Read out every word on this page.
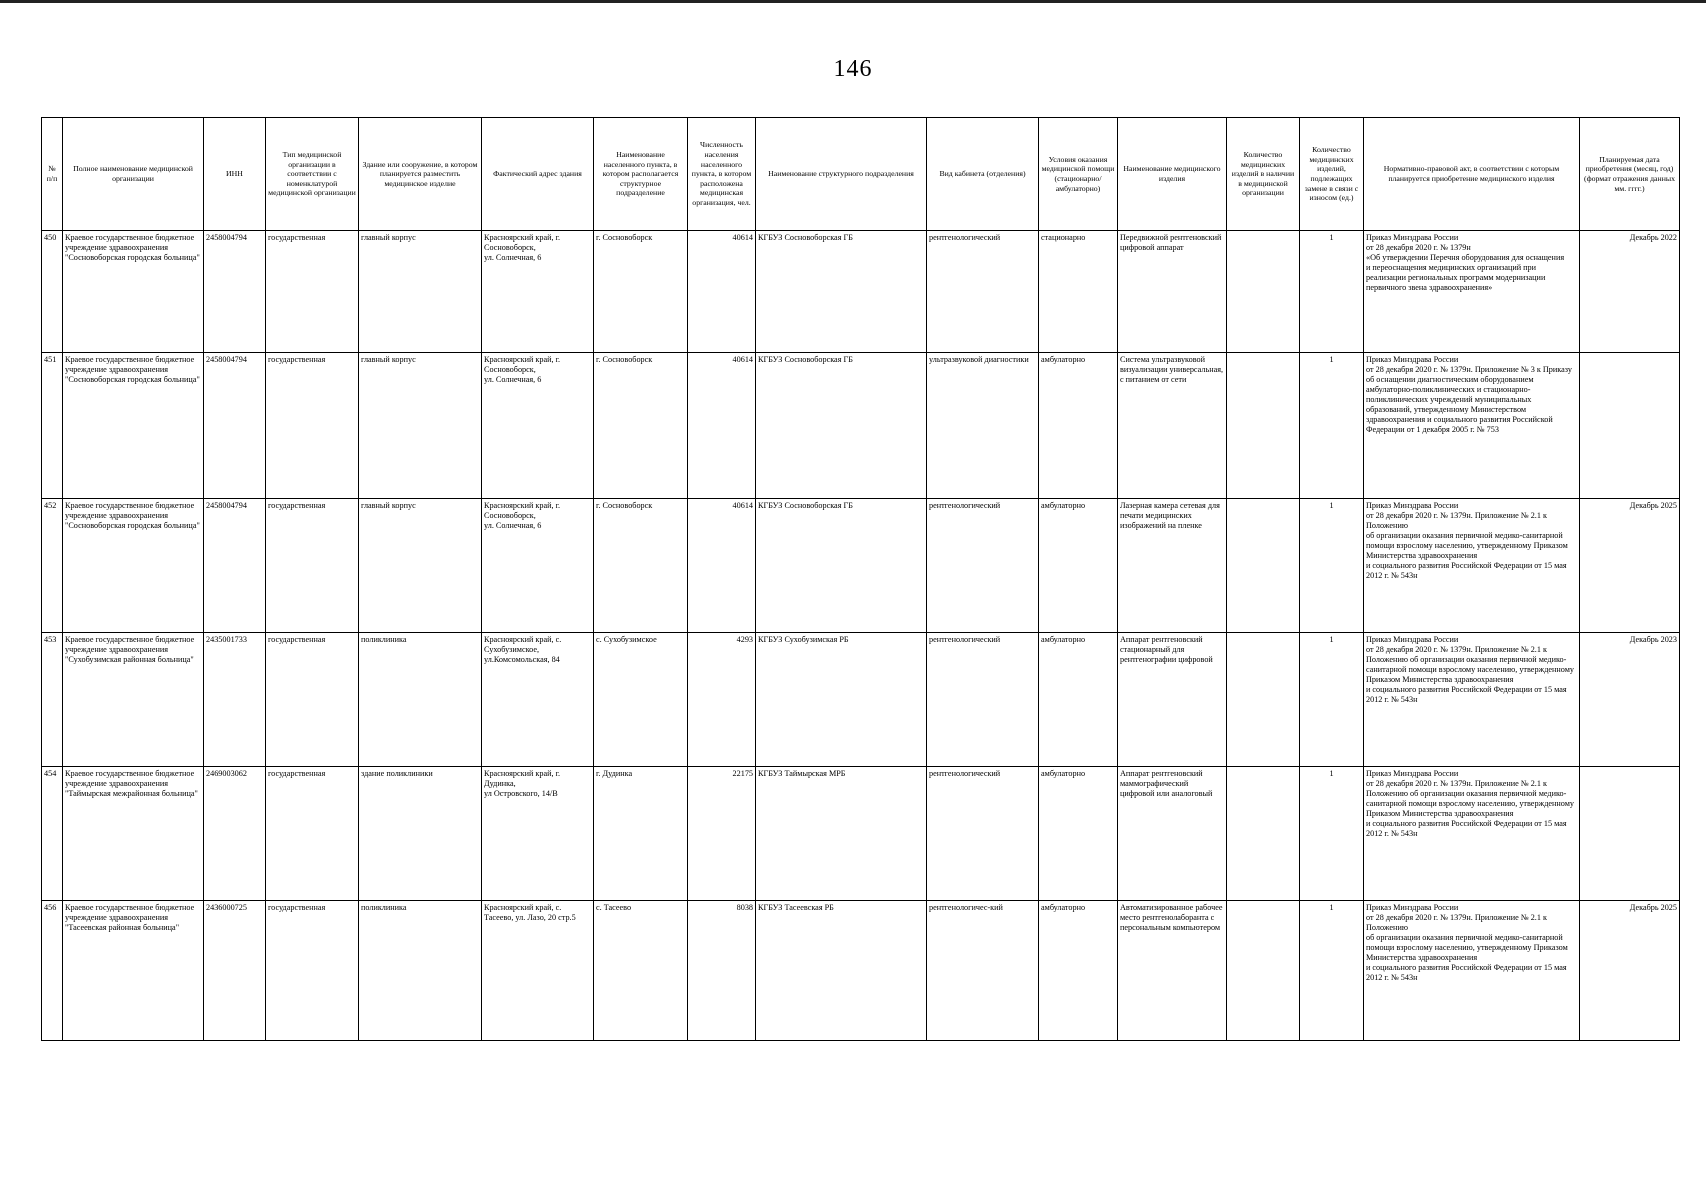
146
№
п/п	Полное наименование медицинской организации	ИНН	Тип медицинской организации в соответствии с номенклатурой медицинской организации	Здание или сооружение, в котором планируется разместить медицинское изделие	Фактический адрес здания	Наименование населенного пункта, в котором располагается структурное подразделение	Численность населения населенного пункта, в котором расположена медицинская организация, чел.	Наименование структурного подразделения	Вид кабинета (отделения)	Условия оказания медицинской помощи (стационарно/ амбулаторно)	Наименование медицинского изделия	Количество медицинских изделий в наличии в медицинской организации	Количество медицинских изделий, подлежащих замене в связи с износом (ед.)	Нормативно-правовой акт, в соответствии с которым планируется приобретение медицинского изделия	Планируемая дата приобретения (месяц, год) (формат отражения данных мм. гггг.)
450	Краевое государственное бюджетное учреждение здравоохранения "Сосновоборская городская больница"	2458004794	государственная	главный корпус	Красноярский край, г. Сосновоборск,
ул. Солнечная, 6	г. Сосновоборск	40614	КГБУЗ Сосновоборская ГБ	рентгенологический	стационарно	Передвижной рентгеновский цифровой аппарат		1	Приказ Минздрава России
от 28 декабря 2020 г. № 1379н
«Об утверждении Перечня оборудования для оснащения
и переоснащения медицинских организаций при реализации региональных программ модернизации первичного звена здравоохранения»	Декабрь 2022
451	Краевое государственное бюджетное учреждение здравоохранения "Сосновоборская городская больница"	2458004794	государственная	главный корпус	Красноярский край, г. Сосновоборск,
ул. Солнечная, 6	г. Сосновоборск	40614	КГБУЗ Сосновоборская ГБ	ультразвуковой диагностики	амбулаторно	Система ультразвуковой визуализации универсальная,
с питанием от сети		1	Приказ Минздрава России
от 28 декабря 2020 г. № 1379н. Приложение № 3 к Приказу
об оснащении диагностическим оборудованием амбулаторно-поликлинических и стационарно-поликлинических учреждений муниципальных образований, утвержденному Министерством здравоохранения и социального развития Российской Федерации от 1 декабря 2005 г. № 753	
452	Краевое государственное бюджетное учреждение здравоохранения "Сосновоборская городская больница"	2458004794	государственная	главный корпус	Красноярский край, г. Сосновоборск,
ул. Солнечная, 6	г. Сосновоборск	40614	КГБУЗ Сосновоборская ГБ	рентгенологический	амбулаторно	Лазерная камера сетевая для печати медицинских изображений на пленке		1	Приказ Минздрава России
от 28 декабря 2020 г. № 1379н. Приложение № 2.1 к Положению
об организации оказания первичной медико-санитарной помощи взрослому населению, утвержденному Приказом Министерства здравоохранения
и социального развития Российской Федерации от 15 мая 2012 г. № 543н	Декабрь 2025
453	Краевое государственное бюджетное учреждение здравоохранения "Сухобузимская районная больница"	2435001733	государственная	поликлиника	Красноярский край, с. Сухобузимское,
ул.Комсомольская, 84	с. Сухобузимское	4293	КГБУЗ Сухобузимская РБ	рентгенологический	амбулаторно	Аппарат рентгеновский стационарный для рентгенографии цифровой		1	Приказ Минздрава России
от 28 декабря 2020 г. № 1379н. Приложение № 2.1 к Положению об организации оказания первичной медико-санитарной помощи взрослому населению, утвержденному Приказом Министерства здравоохранения
и социального развития Российской Федерации от 15 мая 2012 г. № 543н	Декабрь 2023
454	Краевое государственное бюджетное учреждение здравоохранения "Таймырская межрайонная больница"	2469003062	государственная	здание поликлиники	Красноярский край, г. Дудинка,
ул Островского, 14/В	г. Дудинка	22175	КГБУЗ Таймырская МРБ	рентгенологический	амбулаторно	Аппарат рентгеновский маммографический цифровой или аналоговый		1	Приказ Минздрава России
от 28 декабря 2020 г. № 1379н. Приложение № 2.1 к Положению об организации оказания первичной медико-санитарной помощи взрослому населению, утвержденному Приказом Министерства здравоохранения
и социального развития Российской Федерации от 15 мая 2012 г. № 543н	
456	Краевое государственное бюджетное учреждение здравоохранения "Тасеевская районная больница"	2436000725	государственная	поликлиника	Красноярский край, с. Тасеево, ул. Лазо, 20 стр.5	с. Тасеево	8038	КГБУЗ Тасеевская РБ	рентгенологичес-кий	амбулаторно	Автоматизированное рабочее место рентгенолаборанта с персональным компьютером		1	Приказ Минздрава России
от 28 декабря 2020 г. № 1379н. Приложение № 2.1 к Положению
об организации оказания первичной медико-санитарной помощи взрослому населению, утвержденному Приказом Министерства здравоохранения
и социального развития Российской Федерации от 15 мая 2012 г. № 543н	Декабрь 2025
